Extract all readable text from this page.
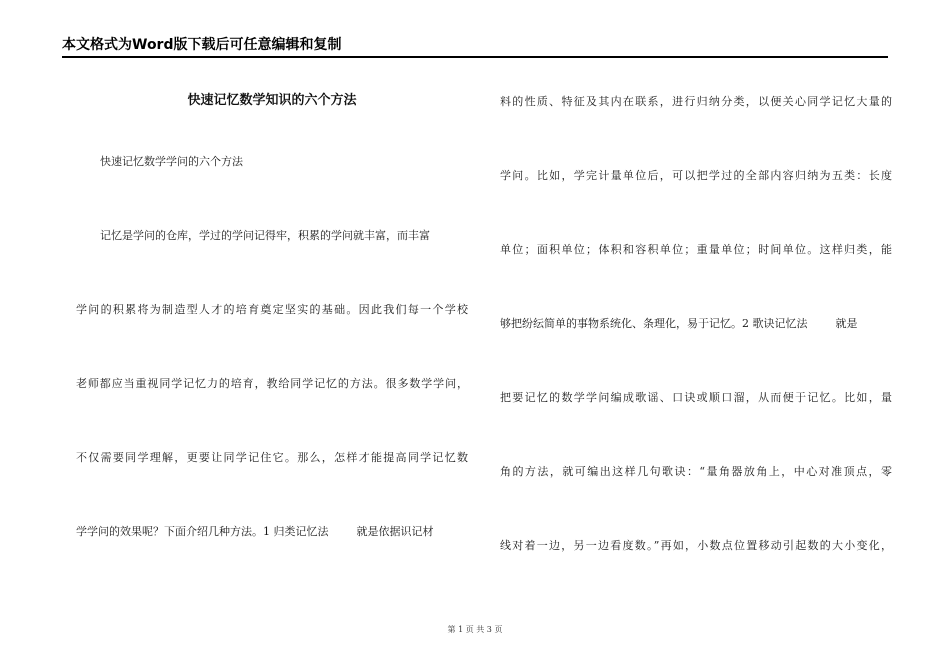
本文格式为Word版下载后可任意编辑和复制
快速记忆数学知识的六个方法
快速记忆数学学问的六个方法
记忆是学问的仓库，学过的学问记得牢，积累的学问就丰富，而丰富
学问的积累将为制造型人才的培育奠定坚实的基础。因此我们每一个学校
老师都应当重视同学记忆力的培育，教给同学记忆的方法。很多数学学问，
不仅需要同学理解，更要让同学记住它。那么，怎样才能提高同学记忆数
学学问的效果呢？下面介绍几种方法。1 归类记忆法	就是依据识记材
料的性质、特征及其内在联系，进行归纳分类，以便关心同学记忆大量的
学问。比如，学完计量单位后，可以把学过的全部内容归纳为五类：长度
单位；面积单位；体积和容积单位；重量单位；时间单位。这样归类，能
够把纷纭简单的事物系统化、条理化，易于记忆。2 歌诀记忆法	就是
把要记忆的数学学问编成歌谣、口诀或顺口溜，从而便于记忆。比如，量
角的方法，就可编出这样几句歌诀：“量角器放角上，中心对准顶点，零
线对着一边，另一边看度数。”再如，小数点位置移动引起数的大小变化，
第 1 页 共 3 页
